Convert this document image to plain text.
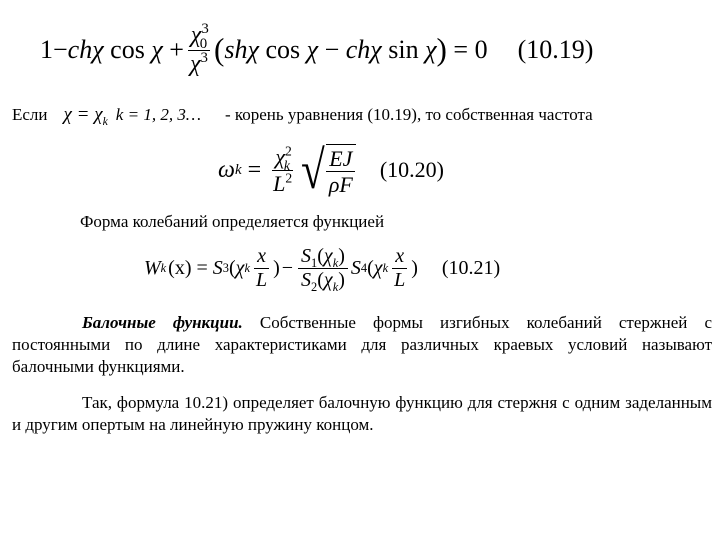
1 − ch χ
cos
χ
+ $\frac{\chi^3_0}{\chi^3}$ ( sh χ
cos
χ
−
ch χ
sin
χ )
= 0 (10.19)
Если $\chi = \chi_k$ k = 1, 2, 3… - корень уравнения (10.19), то собственная частота
ω $k = \frac{\chi^2_k}{L^2}$ √ $\frac{EJ}{\rho F} (10.20)$
Форма колебаний определяется функцией
W k (x) =
S 3 ( χ k $\frac{x}{L}$ ) − $\frac{S_1(\chi_k)}{S_2(\chi_k)}$ S 4 ( χ k $\frac{x}{L}$ ) (10.21)
Балочные функции. Собственные формы изгибных колебаний стержней с постоянными по длине характеристиками для различных краевых условий называют балочными функциями.
Так, формула 10.21) определяет балочную функцию для стержня с одним заделанным и другим опертым на линейную пружину концом.
